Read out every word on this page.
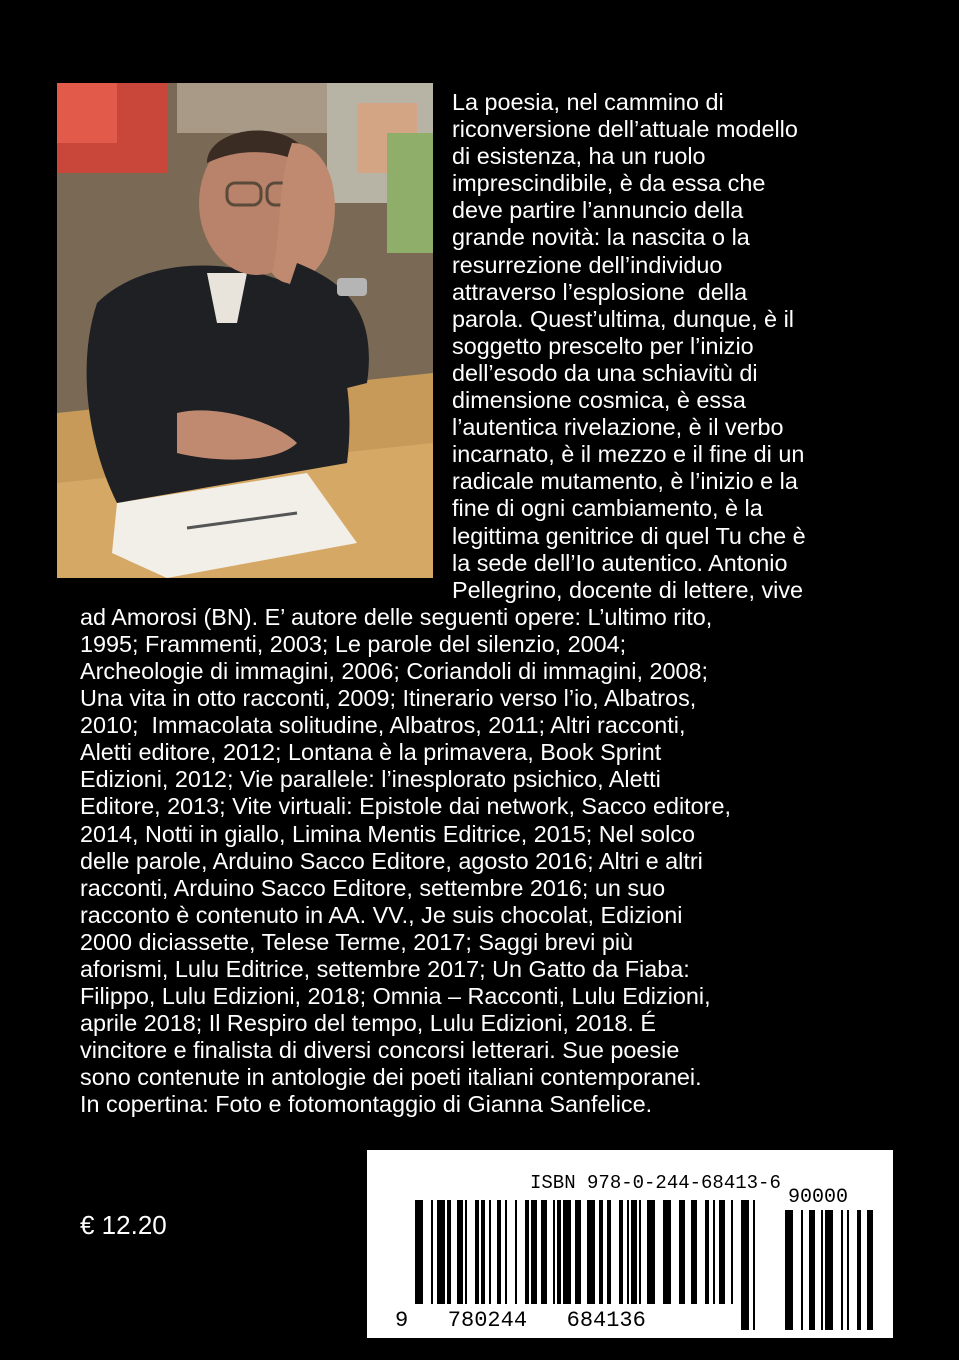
La poesia, nel cammino di
riconversione dell’attuale modello
di esistenza, ha un ruolo
imprescindibile, è da essa che
deve partire l’annuncio della
grande novità: la nascita o la
resurrezione dell’individuo
attraverso l’esplosione  della
parola. Quest’ultima, dunque, è il
soggetto prescelto per l’inizio
dell’esodo da una schiavitù di
dimensione cosmica, è essa
l’autentica rivelazione, è il verbo
incarnato, è il mezzo e il fine di un
radicale mutamento, è l’inizio e la
fine di ogni cambiamento, è la
legittima genitrice di quel Tu che è
la sede dell’Io autentico. Antonio
Pellegrino, docente di lettere, vive
ad Amorosi (BN). E’ autore delle seguenti opere: L’ultimo rito,
1995; Frammenti, 2003; Le parole del silenzio, 2004;
Archeologie di immagini, 2006; Coriandoli di immagini, 2008;
Una vita in otto racconti, 2009; Itinerario verso l’io, Albatros,
2010;  Immacolata solitudine, Albatros, 2011; Altri racconti,
Aletti editore, 2012; Lontana è la primavera, Book Sprint
Edizioni, 2012; Vie parallele: l’inesplorato psichico, Aletti
Editore, 2013; Vite virtuali: Epistole dai network, Sacco editore,
2014, Notti in giallo, Limina Mentis Editrice, 2015; Nel solco
delle parole, Arduino Sacco Editore, agosto 2016; Altri e altri
racconti, Arduino Sacco Editore, settembre 2016; un suo
racconto è contenuto in AA. VV., Je suis chocolat, Edizioni
2000 diciassette, Telese Terme, 2017; Saggi brevi più
aforismi, Lulu Editrice, settembre 2017; Un Gatto da Fiaba:
Filippo, Lulu Edizioni, 2018; Omnia – Racconti, Lulu Edizioni,
aprile 2018; Il Respiro del tempo, Lulu Edizioni, 2018. É
vincitore e finalista di diversi concorsi letterari. Sue poesie
sono contenute in antologie dei poeti italiani contemporanei.
In copertina: Foto e fotomontaggio di Gianna Sanfelice.
€ 12.20
ISBN 978-0-244-68413-6
90000
9   780244   684136
